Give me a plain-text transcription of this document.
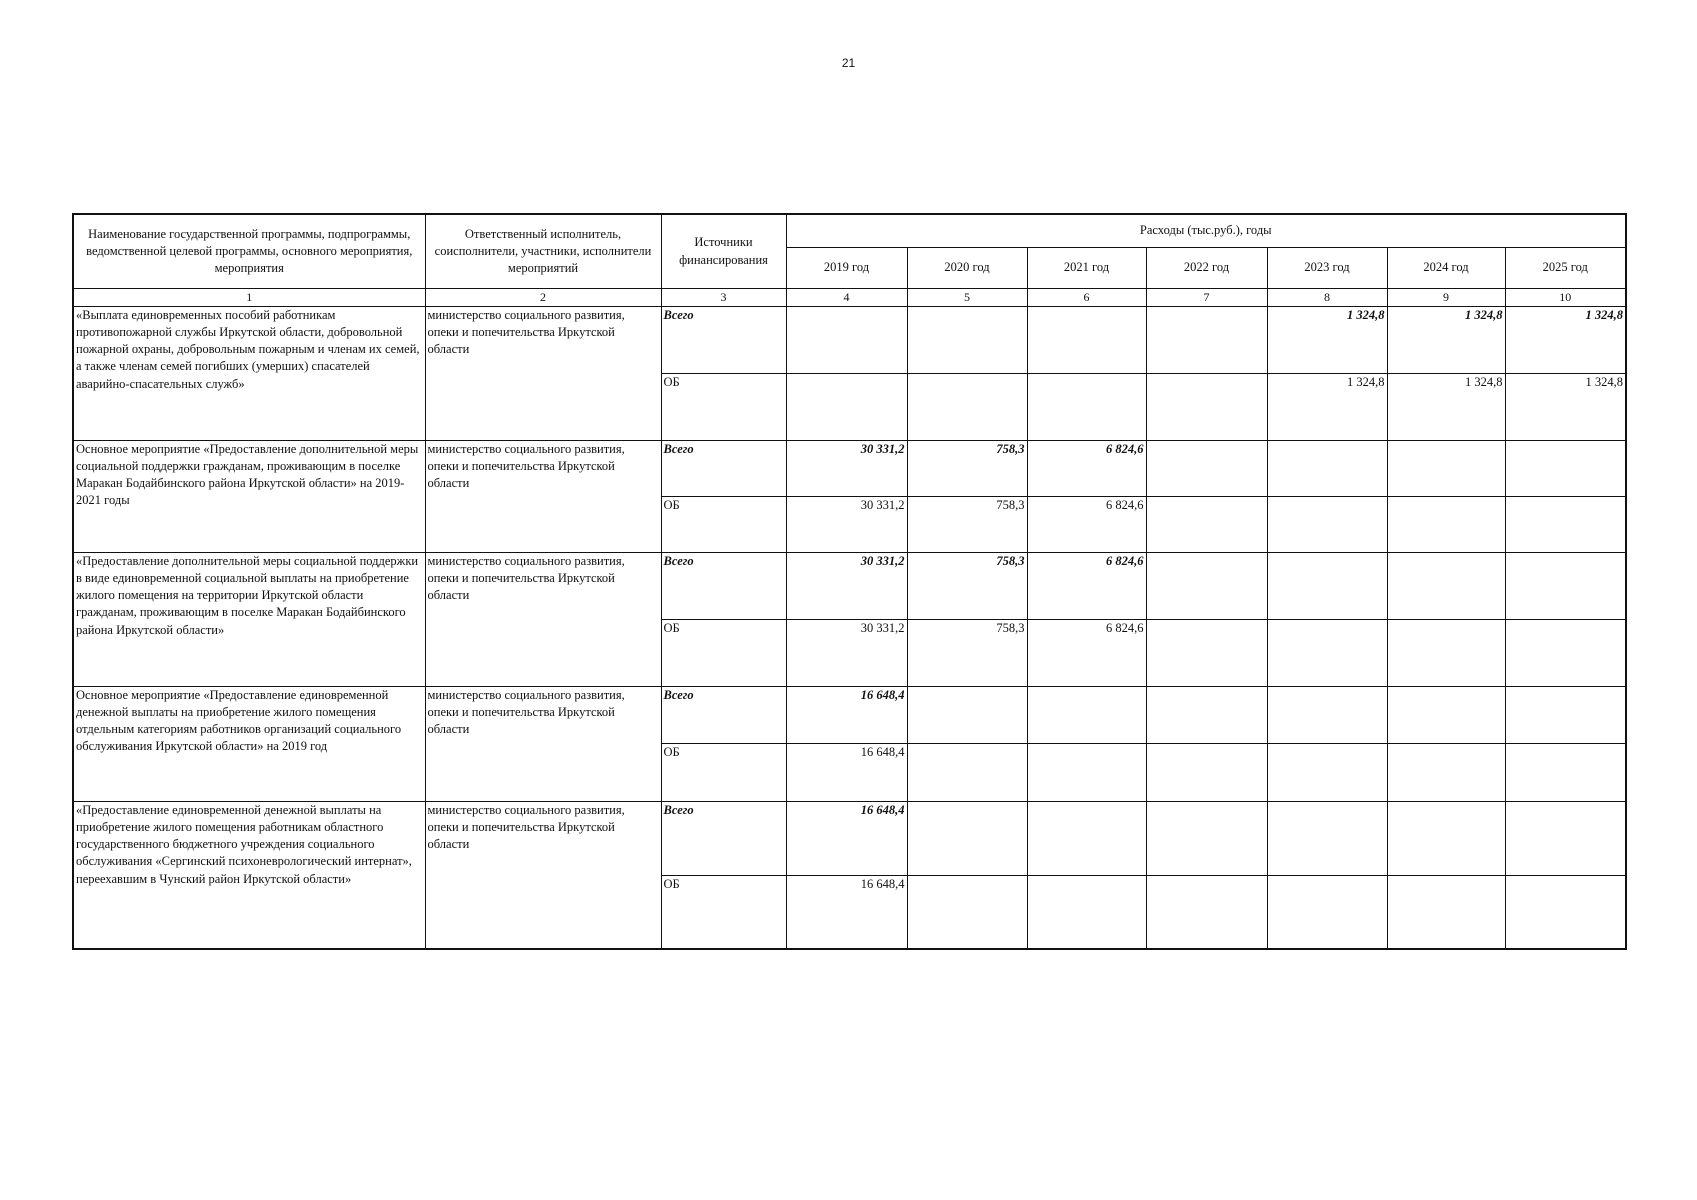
21
Наименование государственной программы, подпрограммы, ведомственной целевой программы, основного мероприятия, мероприятия	Ответственный исполнитель, соисполнители, участники, исполнители мероприятий	Источники финансирования	Расходы (тыс.руб.), годы						
			2019 год	2020 год	2021 год	2022 год	2023 год	2024 год	2025 год
1	2	3	4	5	6	7	8	9	10
«Выплата единовременных пособий работникам противопожарной службы Иркутской области, добровольной пожарной охраны, добровольным пожарным и членам их семей, а также членам семей погибших (умерших) спасателей аварийно-спасательных служб»	министерство социального развития, опеки и попечительства Иркутской области	Всего					1 324,8	1 324,8	1 324,8
		ОБ					1 324,8	1 324,8	1 324,8
Основное мероприятие «Предоставление дополнительной меры социальной поддержки гражданам, проживающим в поселке Маракан Бодайбинского района Иркутской области» на 2019-2021 годы	министерство социального развития, опеки и попечительства Иркутской области	Всего	30 331,2	758,3	6 824,6				
		ОБ	30 331,2	758,3	6 824,6				
«Предоставление дополнительной меры социальной поддержки в виде единовременной социальной выплаты на приобретение жилого помещения на территории Иркутской области гражданам, проживающим в поселке Маракан Бодайбинского района Иркутской области»	министерство социального развития, опеки и попечительства Иркутской области	Всего	30 331,2	758,3	6 824,6				
		ОБ	30 331,2	758,3	6 824,6				
Основное мероприятие «Предоставление единовременной денежной выплаты на приобретение жилого помещения отдельным категориям работников организаций социального обслуживания Иркутской области» на 2019 год	министерство социального развития, опеки и попечительства Иркутской области	Всего	16 648,4						
		ОБ	16 648,4						
«Предоставление единовременной денежной выплаты на приобретение жилого помещения работникам областного государственного бюджетного учреждения социального обслуживания «Сергинский психоневрологический интернат», переехавшим в Чунский район Иркутской области»	министерство социального развития, опеки и попечительства Иркутской области	Всего	16 648,4						
		ОБ	16 648,4						
